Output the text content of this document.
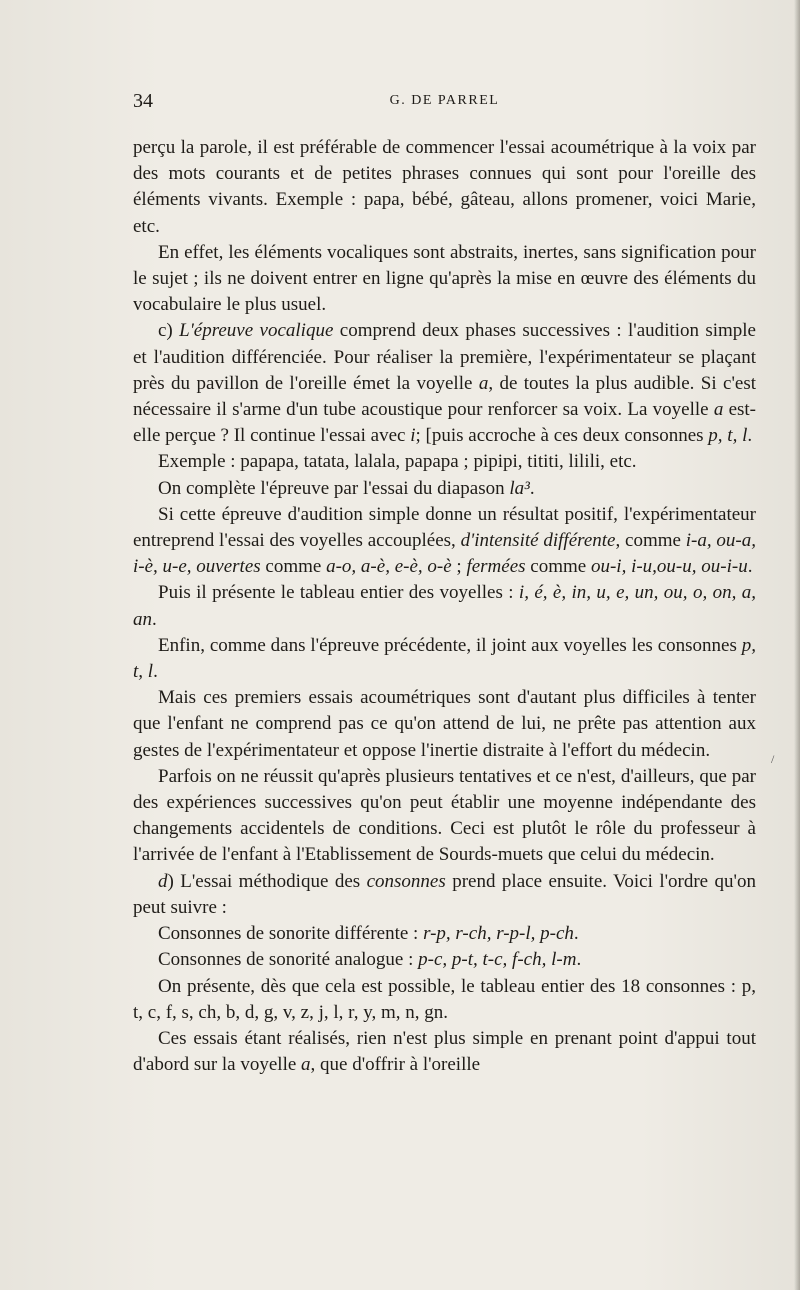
34	G. DE PARREL

perçu la parole, il est préférable de commencer l'essai acoumétrique à la voix par des mots courants et de petites phrases connues qui sont pour l'oreille des éléments vivants. Exemple : papa, bébé, gâteau, allons promener, voici Marie, etc.

En effet, les éléments vocaliques sont abstraits, inertes, sans signification pour le sujet ; ils ne doivent entrer en ligne qu'après la mise en œuvre des éléments du vocabulaire le plus usuel.

c) L'épreuve vocalique comprend deux phases successives : l'audition simple et l'audition différenciée. Pour réaliser la première, l'expérimentateur se plaçant près du pavillon de l'oreille émet la voyelle a, de toutes la plus audible. Si c'est nécessaire il s'arme d'un tube acoustique pour renforcer sa voix. La voyelle a est-elle perçue ? Il continue l'essai avec i; [puis accroche à ces deux consonnes p, t, l.

Exemple : papapa, tatata, lalala, papapa ; pipipi, tititi, lilili, etc.

On complète l'épreuve par l'essai du diapason la³.

Si cette épreuve d'audition simple donne un résultat positif, l'expérimentateur entreprend l'essai des voyelles accouplées, d'intensité différente, comme i-a, ou-a, i-è, u-e, ouvertes comme a-o, a-è, e-è, o-è ; fermées comme ou-i, i-u,ou-u, ou-i-u.

Puis il présente le tableau entier des voyelles : i, é, è, in, u, e, un, ou, o, on, a, an.

Enfin, comme dans l'épreuve précédente, il joint aux voyelles les consonnes p, t, l.

Mais ces premiers essais acoumétriques sont d'autant plus difficiles à tenter que l'enfant ne comprend pas ce qu'on attend de lui, ne prête pas attention aux gestes de l'expérimentateur et oppose l'inertie distraite à l'effort du médecin.

Parfois on ne réussit qu'après plusieurs tentatives et ce n'est, d'ailleurs, que par des expériences successives qu'on peut établir une moyenne indépendante des changements accidentels de conditions. Ceci est plutôt le rôle du professeur à l'arrivée de l'enfant à l'Etablissement de Sourds-muets que celui du médecin.

d) L'essai méthodique des consonnes prend place ensuite. Voici l'ordre qu'on peut suivre :

Consonnes de sonorite différente : r-p, r-ch, r-p-l, p-ch.

Consonnes de sonorité analogue : p-c, p-t, t-c, f-ch, l-m.

On présente, dès que cela est possible, le tableau entier des 18 consonnes : p, t, c, f, s, ch, b, d, g, v, z, j, l, r, y, m, n, gn.

Ces essais étant réalisés, rien n'est plus simple en prenant point d'appui tout d'abord sur la voyelle a, que d'offrir à l'oreille

/
